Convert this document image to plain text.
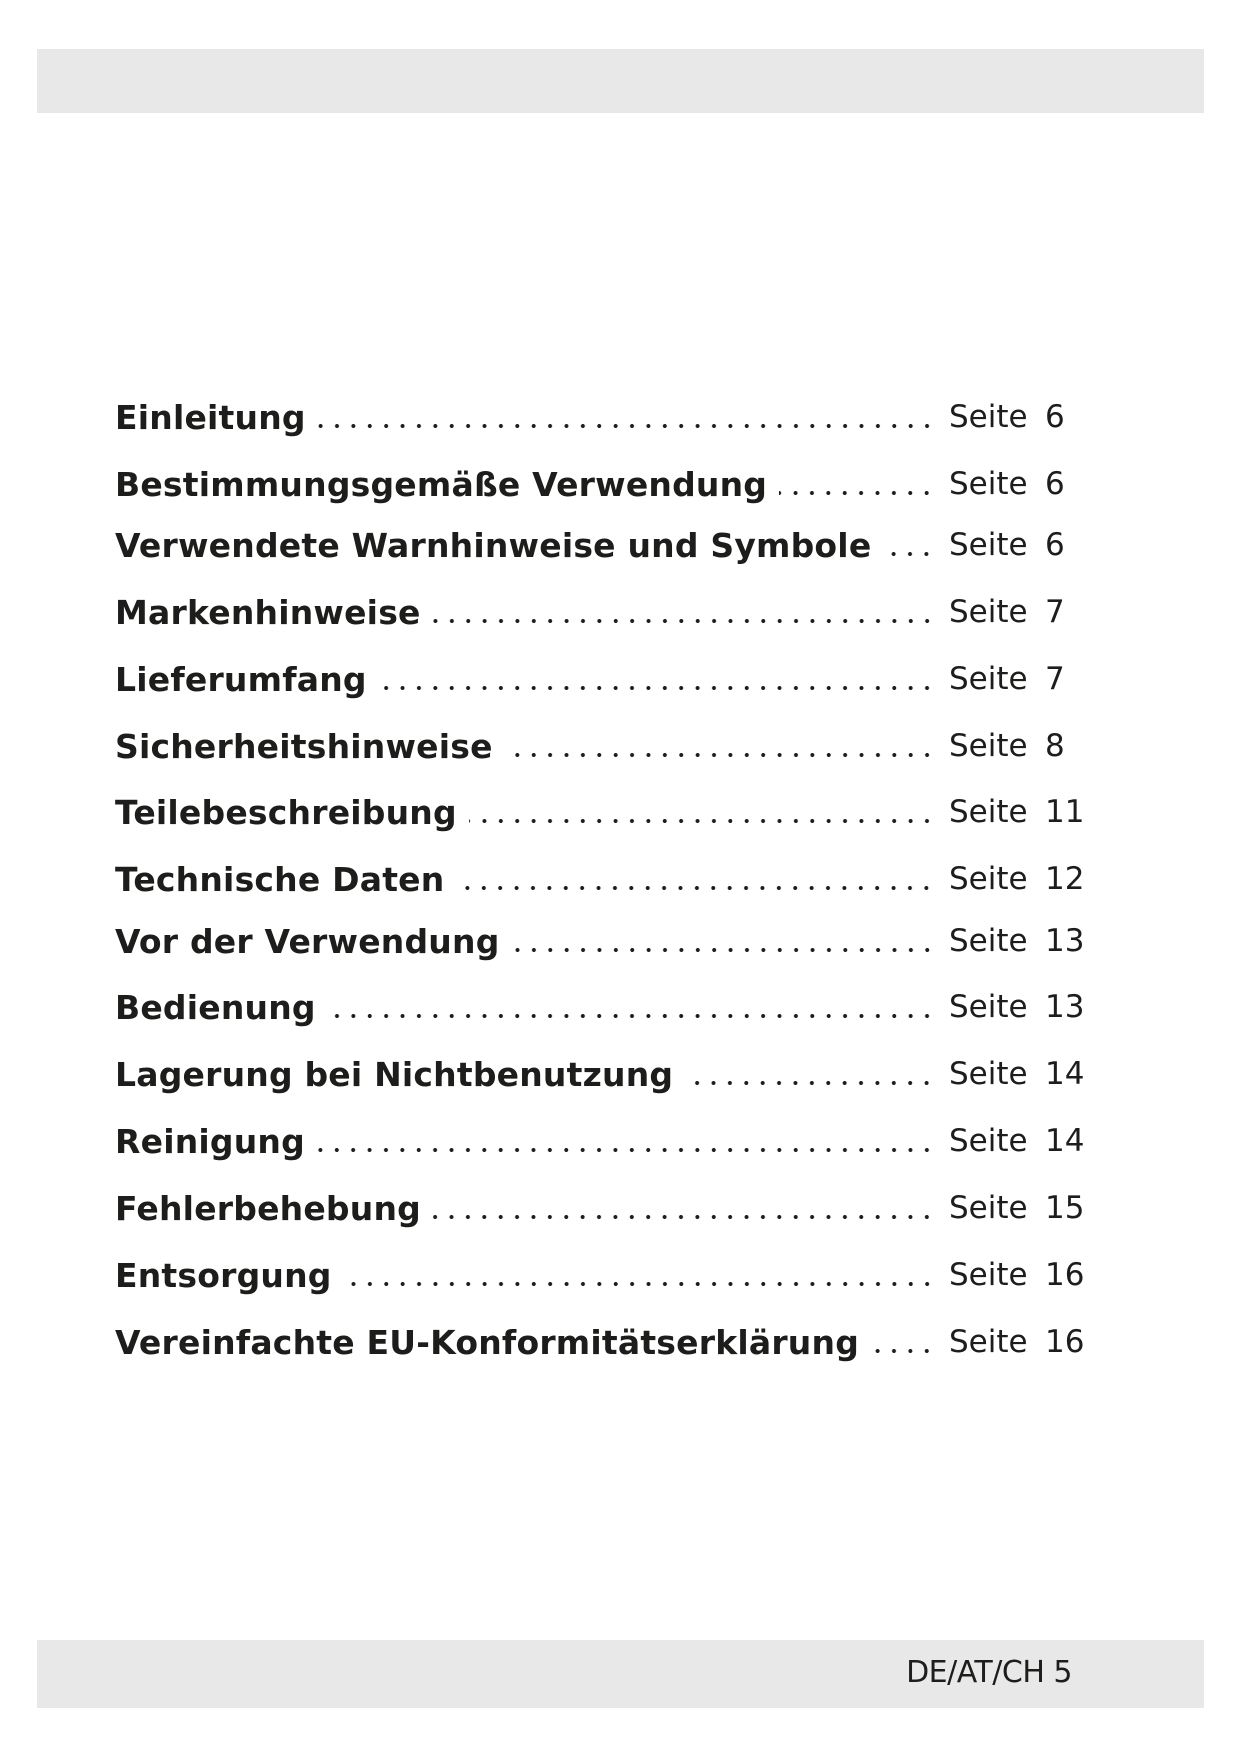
Einleitung	Seite 6
Bestimmungsgemäße Verwendung	Seite 6
Verwendete Warnhinweise und Symbole	Seite 6
Markenhinweise	Seite 7
Lieferumfang	Seite 7
Sicherheitshinweise	Seite 8
Teilebeschreibung	Seite 11
Technische Daten	Seite 12
Vor der Verwendung	Seite 13
Bedienung	Seite 13
Lagerung bei Nichtbenutzung	Seite 14
Reinigung	Seite 14
Fehlerbehebung	Seite 15
Entsorgung	Seite 16
Vereinfachte EU-Konformitätserklärung	Seite 16
DE/AT/CH 5
